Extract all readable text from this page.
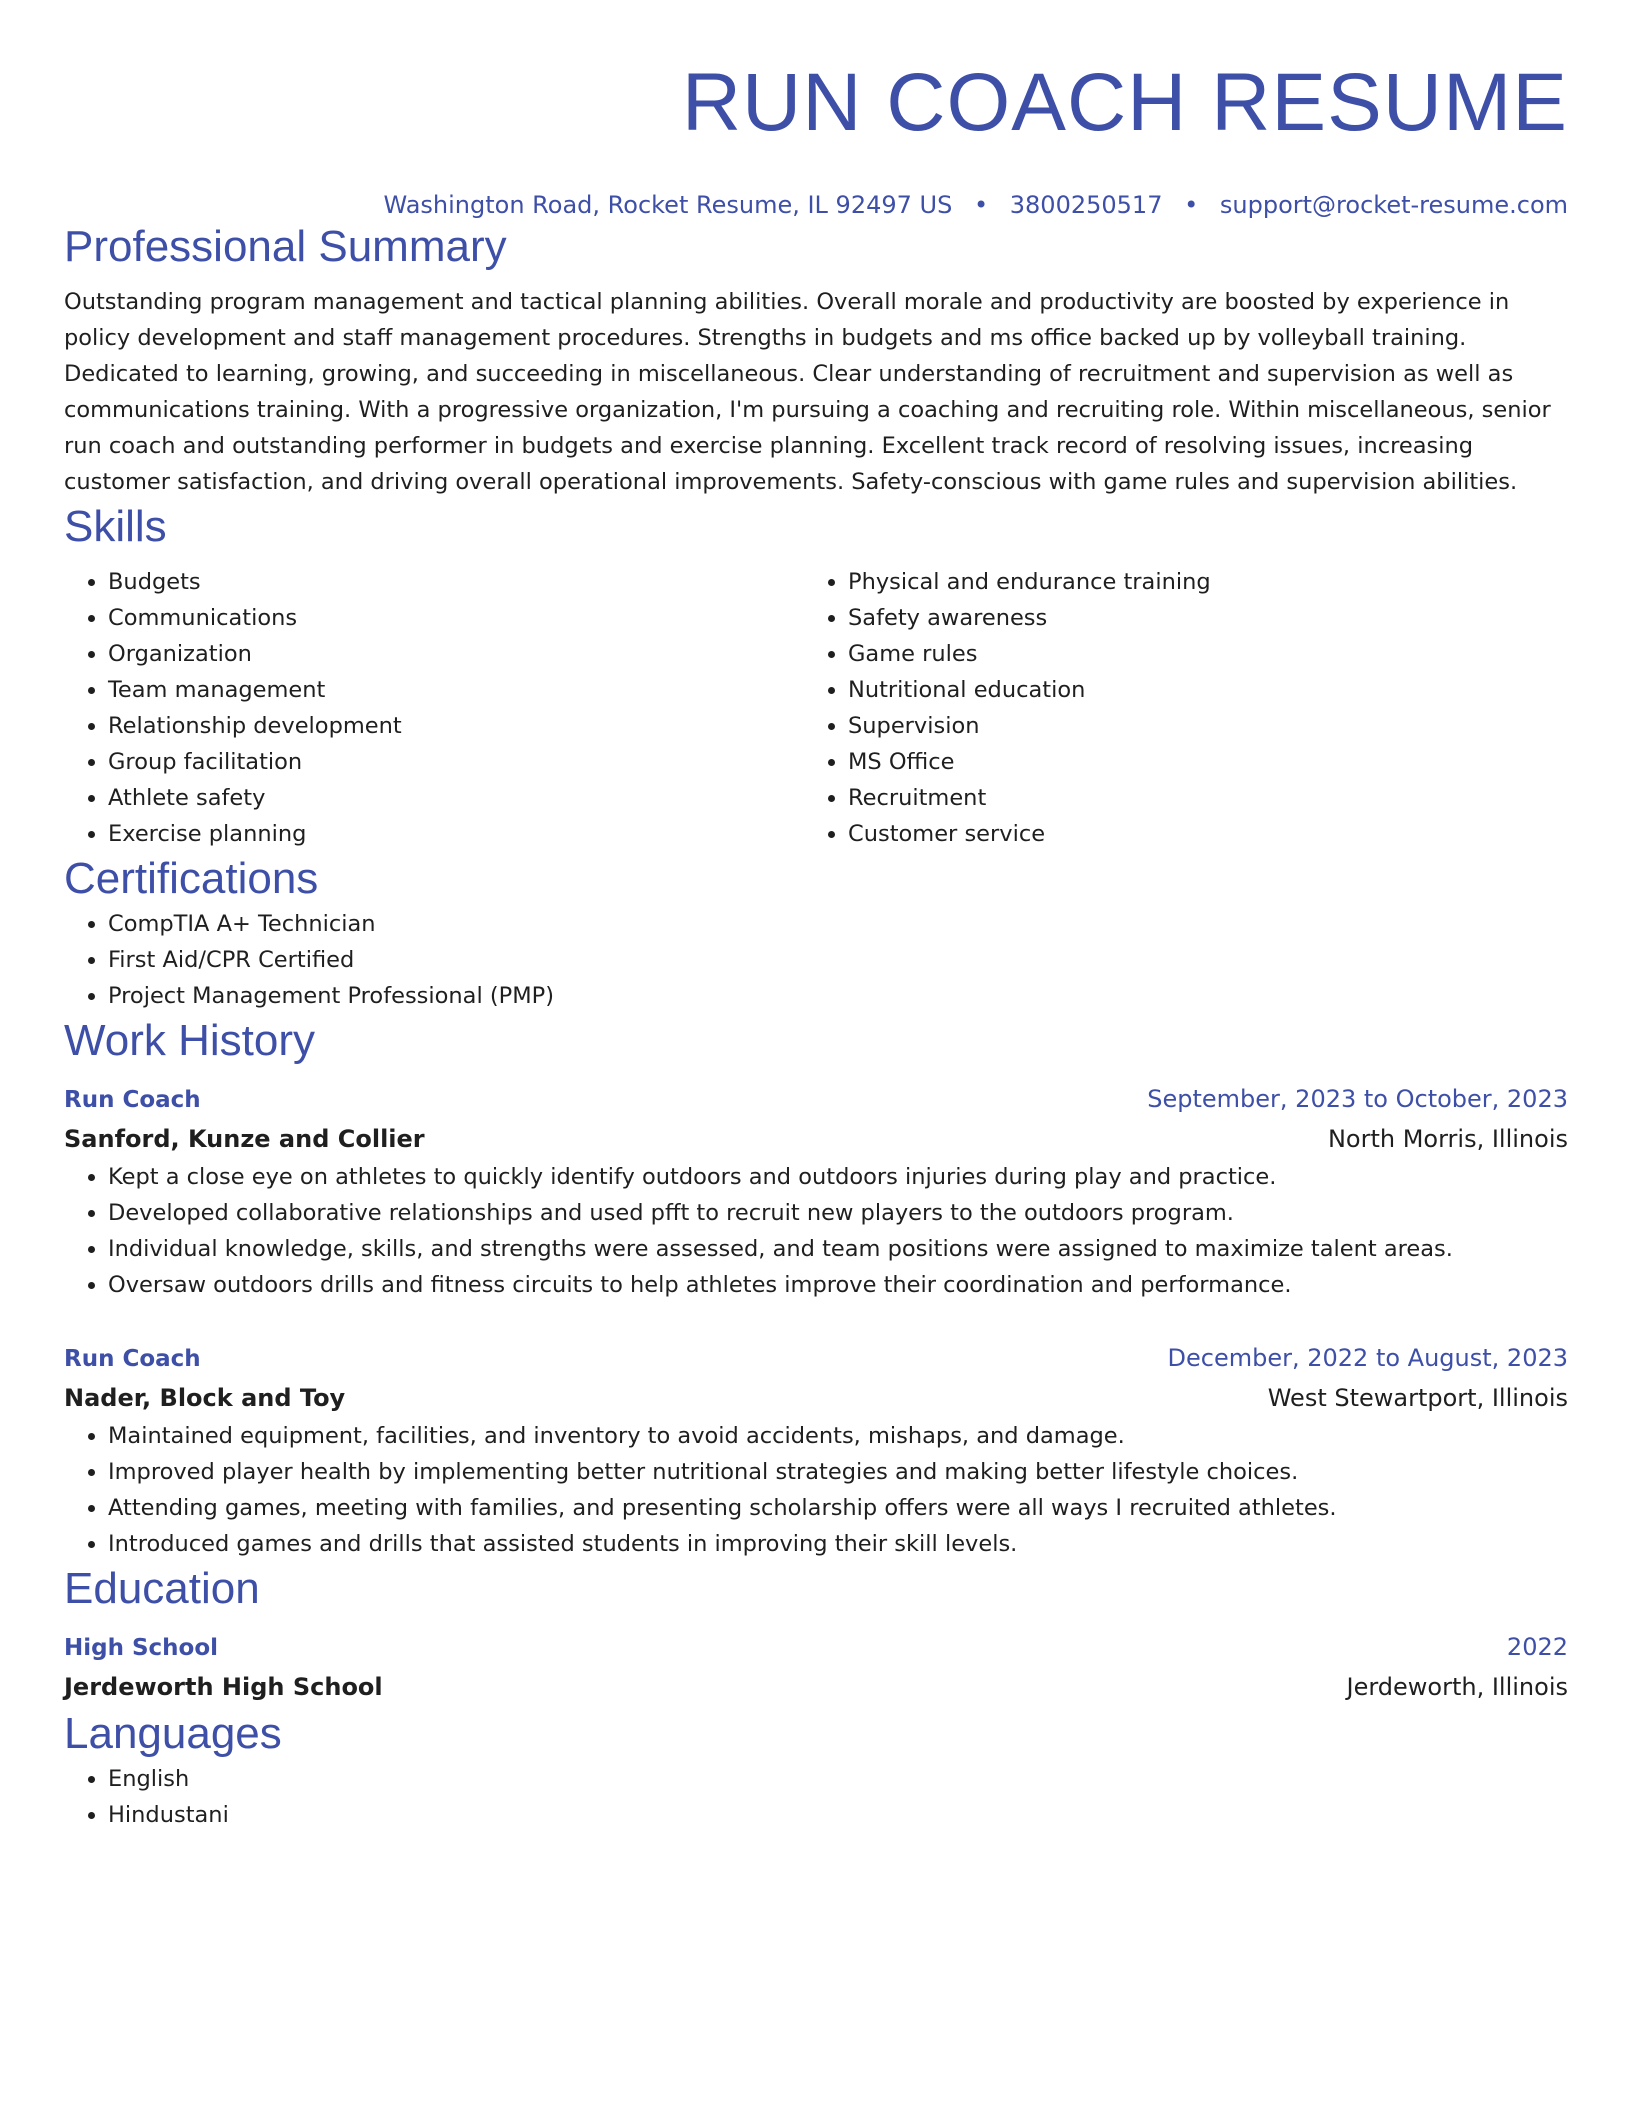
RUN COACH RESUME
Washington Road, Rocket Resume, IL 92497 US • 3800250517 • support@rocket-resume.com
Professional Summary

Outstanding program management and tactical planning abilities. Overall morale and productivity are boosted by experience in policy development and staff management procedures. Strengths in budgets and ms office backed up by volleyball training. Dedicated to learning, growing, and succeeding in miscellaneous. Clear understanding of recruitment and supervision as well as communications training. With a progressive organization, I'm pursuing a coaching and recruiting role. Within miscellaneous, senior run coach and outstanding performer in budgets and exercise planning. Excellent track record of resolving issues, increasing customer satisfaction, and driving overall operational improvements. Safety-conscious with game rules and supervision abilities.

Skills
• Budgets
• Communications
• Organization
• Team management
• Relationship development
• Group facilitation
• Athlete safety
• Exercise planning
• Physical and endurance training
• Safety awareness
• Game rules
• Nutritional education
• Supervision
• MS Office
• Recruitment
• Customer service
Certifications
• CompTIA A+ Technician
• First Aid/CPR Certified
• Project Management Professional (PMP)
Work History
Run Coach	September, 2023 to October, 2023
Sanford, Kunze and Collier	North Morris, Illinois
• Kept a close eye on athletes to quickly identify outdoors and outdoors injuries during play and practice.
• Developed collaborative relationships and used pfft to recruit new players to the outdoors program.
• Individual knowledge, skills, and strengths were assessed, and team positions were assigned to maximize talent areas.
• Oversaw outdoors drills and fitness circuits to help athletes improve their coordination and performance.
Run Coach	December, 2022 to August, 2023
Nader, Block and Toy	West Stewartport, Illinois
• Maintained equipment, facilities, and inventory to avoid accidents, mishaps, and damage.
• Improved player health by implementing better nutritional strategies and making better lifestyle choices.
• Attending games, meeting with families, and presenting scholarship offers were all ways I recruited athletes.
• Introduced games and drills that assisted students in improving their skill levels.
Education
High School	2022
Jerdeworth High School	Jerdeworth, Illinois
Languages
• English
• Hindustani
